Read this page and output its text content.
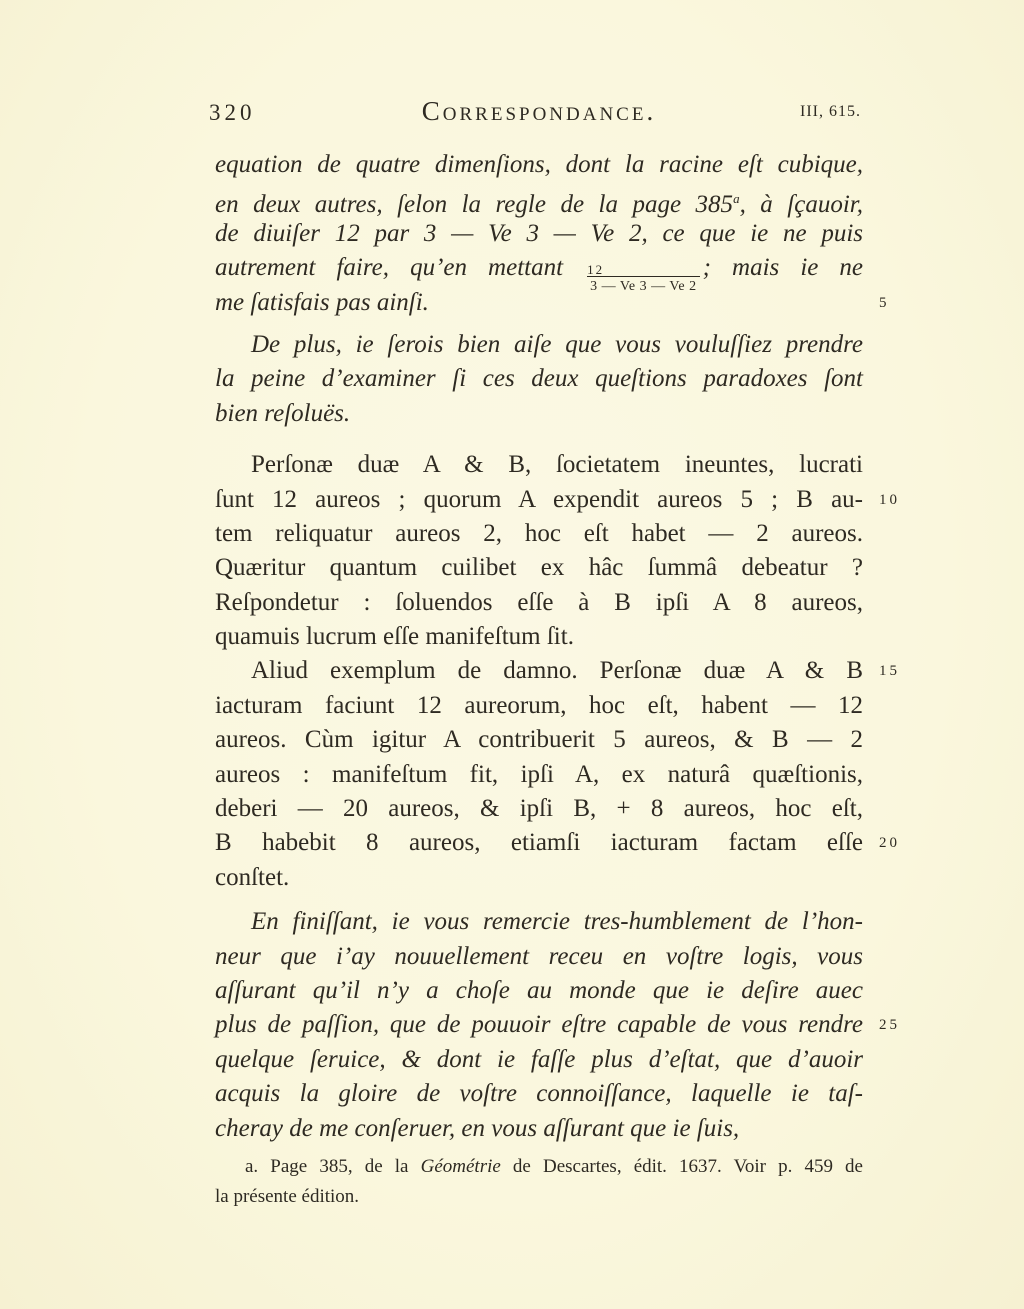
320	Correspondance.	III, 615.
equation de quatre dimenſions, dont la racine eſt cubique,
en deux autres, ſelon la regle de la page 385$^a$, à ſçauoir,
de diuiſer 12 par 3 — Ve 3 — Ve 2, ce que ie ne puis
autrement faire, qu’en mettant $\frac{12}{3 — Ve 3 — Ve 2}$ ; mais ie ne
me ſatisfais pas ainſi.	5
De plus, ie ſerois bien aiſe que vous vouluſſiez prendre
la peine d’examiner ſi ces deux queſtions paradoxes ſont
bien reſoluës.
Perſonæ duæ A & B, ſocietatem ineuntes, lucrati
ſunt 12 aureos ; quorum A expendit aureos 5 ; B au- 10
tem reliquatur aureos 2, hoc eſt habet — 2 aureos.
Quæritur quantum cuilibet ex hâc ſummâ debeatur ?
Reſpondetur : ſoluendos eſſe à B ipſi A 8 aureos,
quamuis lucrum eſſe manifeſtum ſit.
Aliud exemplum de damno. Perſonæ duæ A & B 15
iacturam faciunt 12 aureorum, hoc eſt, habent — 12
aureos. Cùm igitur A contribuerit 5 aureos, & B — 2
aureos : manifeſtum fit, ipſi A, ex naturâ quæſtionis,
deberi — 20 aureos, & ipſi B, + 8 aureos, hoc eſt,
B habebit 8 aureos, etiamſi iacturam factam eſſe 20
conſtet.
En finiſſant, ie vous remercie tres-humblement de l’hon-
neur que i’ay nouuellement receu en voſtre logis, vous
aſſurant qu’il n’y a choſe au monde que ie deſire auec
plus de paſſion, que de pouuoir eſtre capable de vous rendre 25
quelque ſeruice, & dont ie faſſe plus d’eſtat, que d’auoir
acquis la gloire de voſtre connoiſſance, laquelle ie taſ-
cheray de me conſeruer, en vous aſſurant que ie ſuis,
a. Page 385, de la Géométrie de Descartes, édit. 1637. Voir p. 459 de
la présente édition.
